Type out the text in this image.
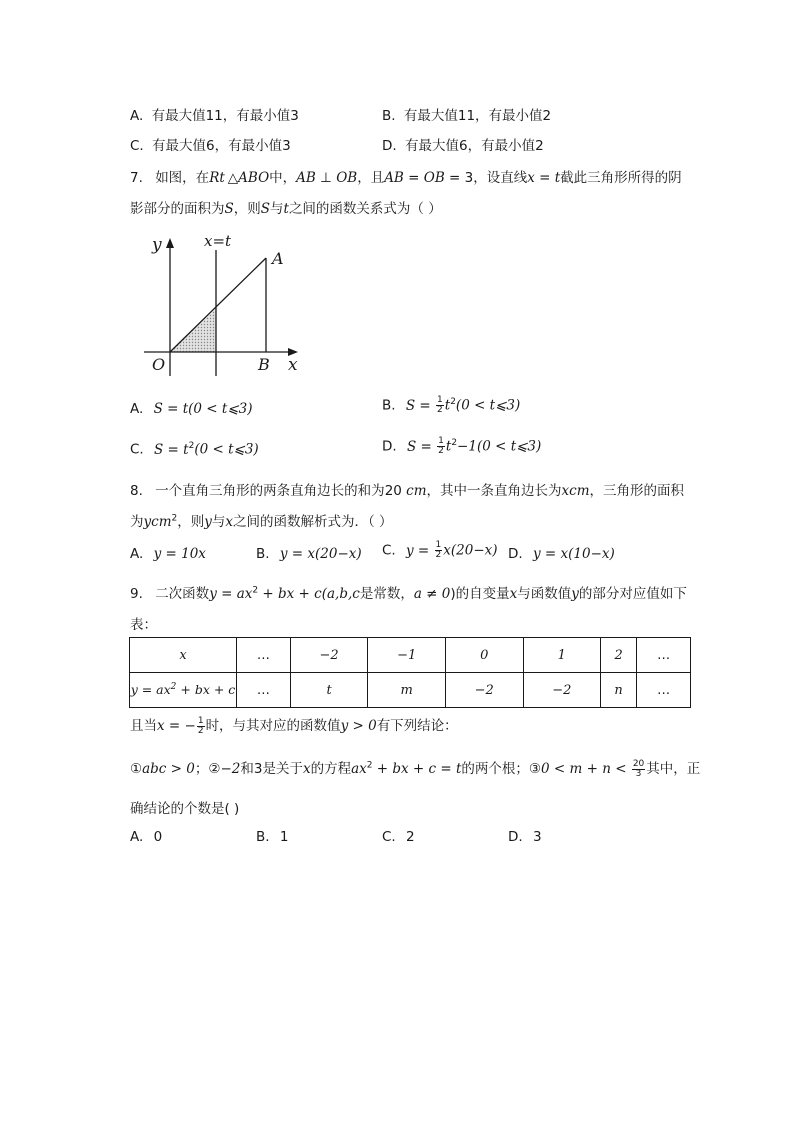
A. 有最大值11，有最小值3	B. 有最大值11，有最小值2
C. 有最大值6，有最小值3	D. 有最大值6，有最小值2
7. 如图，在Rt △ABO中，AB ⊥ OB，且AB = OB = 3，设直线x = t截此三角形所得的阴
影部分的面积为S，则S与t之间的函数关系式为（ ）
y	x=t
A
O	B x
A. S = t(0 < t⩽3)	B. $S = \frac{1}{2} t^2(0$ < t⩽3)
C. $S = t^2(0$ < t⩽3)	D. $S = \frac{1}{2} t^2-1(0$ < t⩽3)
8. 一个直角三角形的两条直角边长的和为20 cm，其中一条直角边长为xcm，三角形的面积
为ycm$^2$，则y与x之间的函数解析式为．（ ）
A. y = 10x	B. y = x(20−x) C. $y = \frac{1}{2} x(20-x)$ D. y = x(10−x)
9. 二次函数$y = ax^2$ + bx + c(a,b,c是常数，a ≠ 0)的自变量x与函数值y的部分对应值如下
表：
x	…	−2	−1	0	1	2	…
$y = ax^2$ + bx + c	…	t	m	−2	−2	n	…
且当x = − $\frac{1}{2}$ 时，与其对应的函数值y > 0有下列结论：
①abc > 0；②−2和3是关于x的方程$ax^2$ + bx + c = t的两个根；③0 < $m + n < \frac{20}{3}$ 其中，正
确结论的个数是( )
A. 0	B. 1	C. 2	D. 3
